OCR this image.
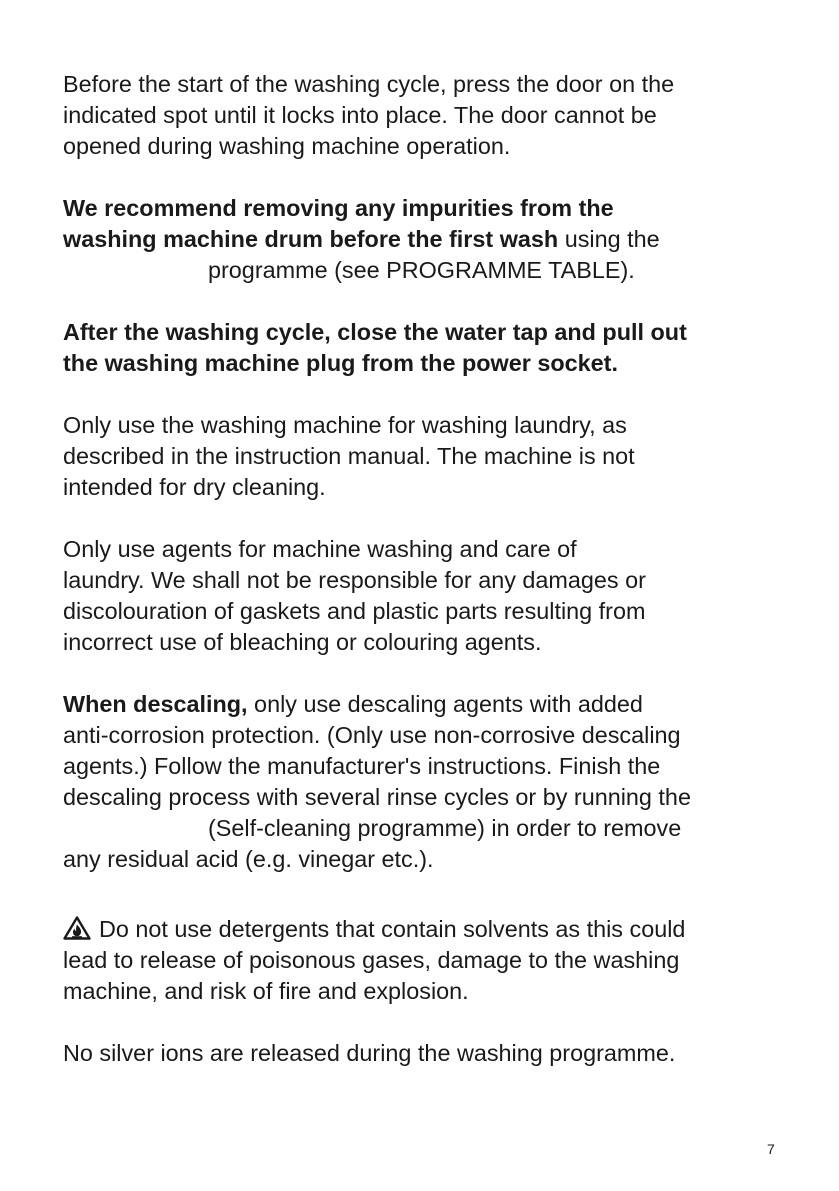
Before the start of the washing cycle, press the door on the
indicated spot until it locks into place. The door cannot be
opened during washing machine operation.

We recommend removing any impurities from the
washing machine drum before the first wash using the
programme (see PROGRAMME TABLE).

After the washing cycle, close the water tap and pull out
the washing machine plug from the power socket.

Only use the washing machine for washing laundry, as
described in the instruction manual. The machine is not
intended for dry cleaning.

Only use agents for machine washing and care of
laundry. We shall not be responsible for any damages or
discolouration of gaskets and plastic parts resulting from
incorrect use of bleaching or colouring agents.

When descaling, only use descaling agents with added
anti-corrosion protection. (Only use non-corrosive descaling
agents.) Follow the manufacturer's instructions. Finish the
descaling process with several rinse cycles or by running the
(Self-cleaning programme) in order to remove
any residual acid (e.g. vinegar etc.).

Do not use detergents that contain solvents as this could
lead to release of poisonous gases, damage to the washing
machine, and risk of fire and explosion.

No silver ions are released during the washing programme.

7
